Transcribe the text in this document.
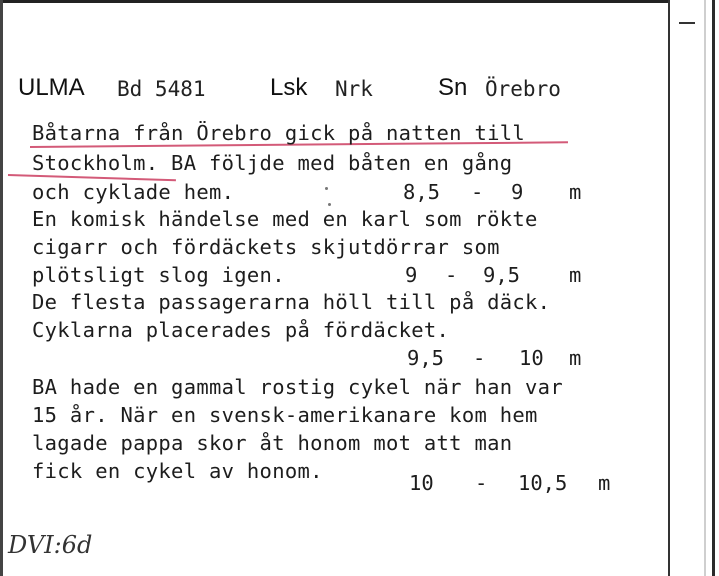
ULMA Bd 5481	Lsk Nrk	Sn Örebro
Båtarna från Örebro gick på natten till
Stockholm. BA följde med båten en gång
och cyklade hem.
En komisk händelse med en karl som rökte
cigarr och fördäckets skjutdörrar som
plötsligt slog igen.
De flesta passagerarna höll till på däck.
Cyklarna placerades på fördäcket.
BA hade en gammal rostig cykel när han var
15 år. När en svensk-amerikanare kom hem
lagade pappa skor åt honom mot att man
fick en cykel av honom.
8,5 - 9 m
9 - 9,5 m
9,5 - 10 m
10 - 10,5 m
DVI:6d
